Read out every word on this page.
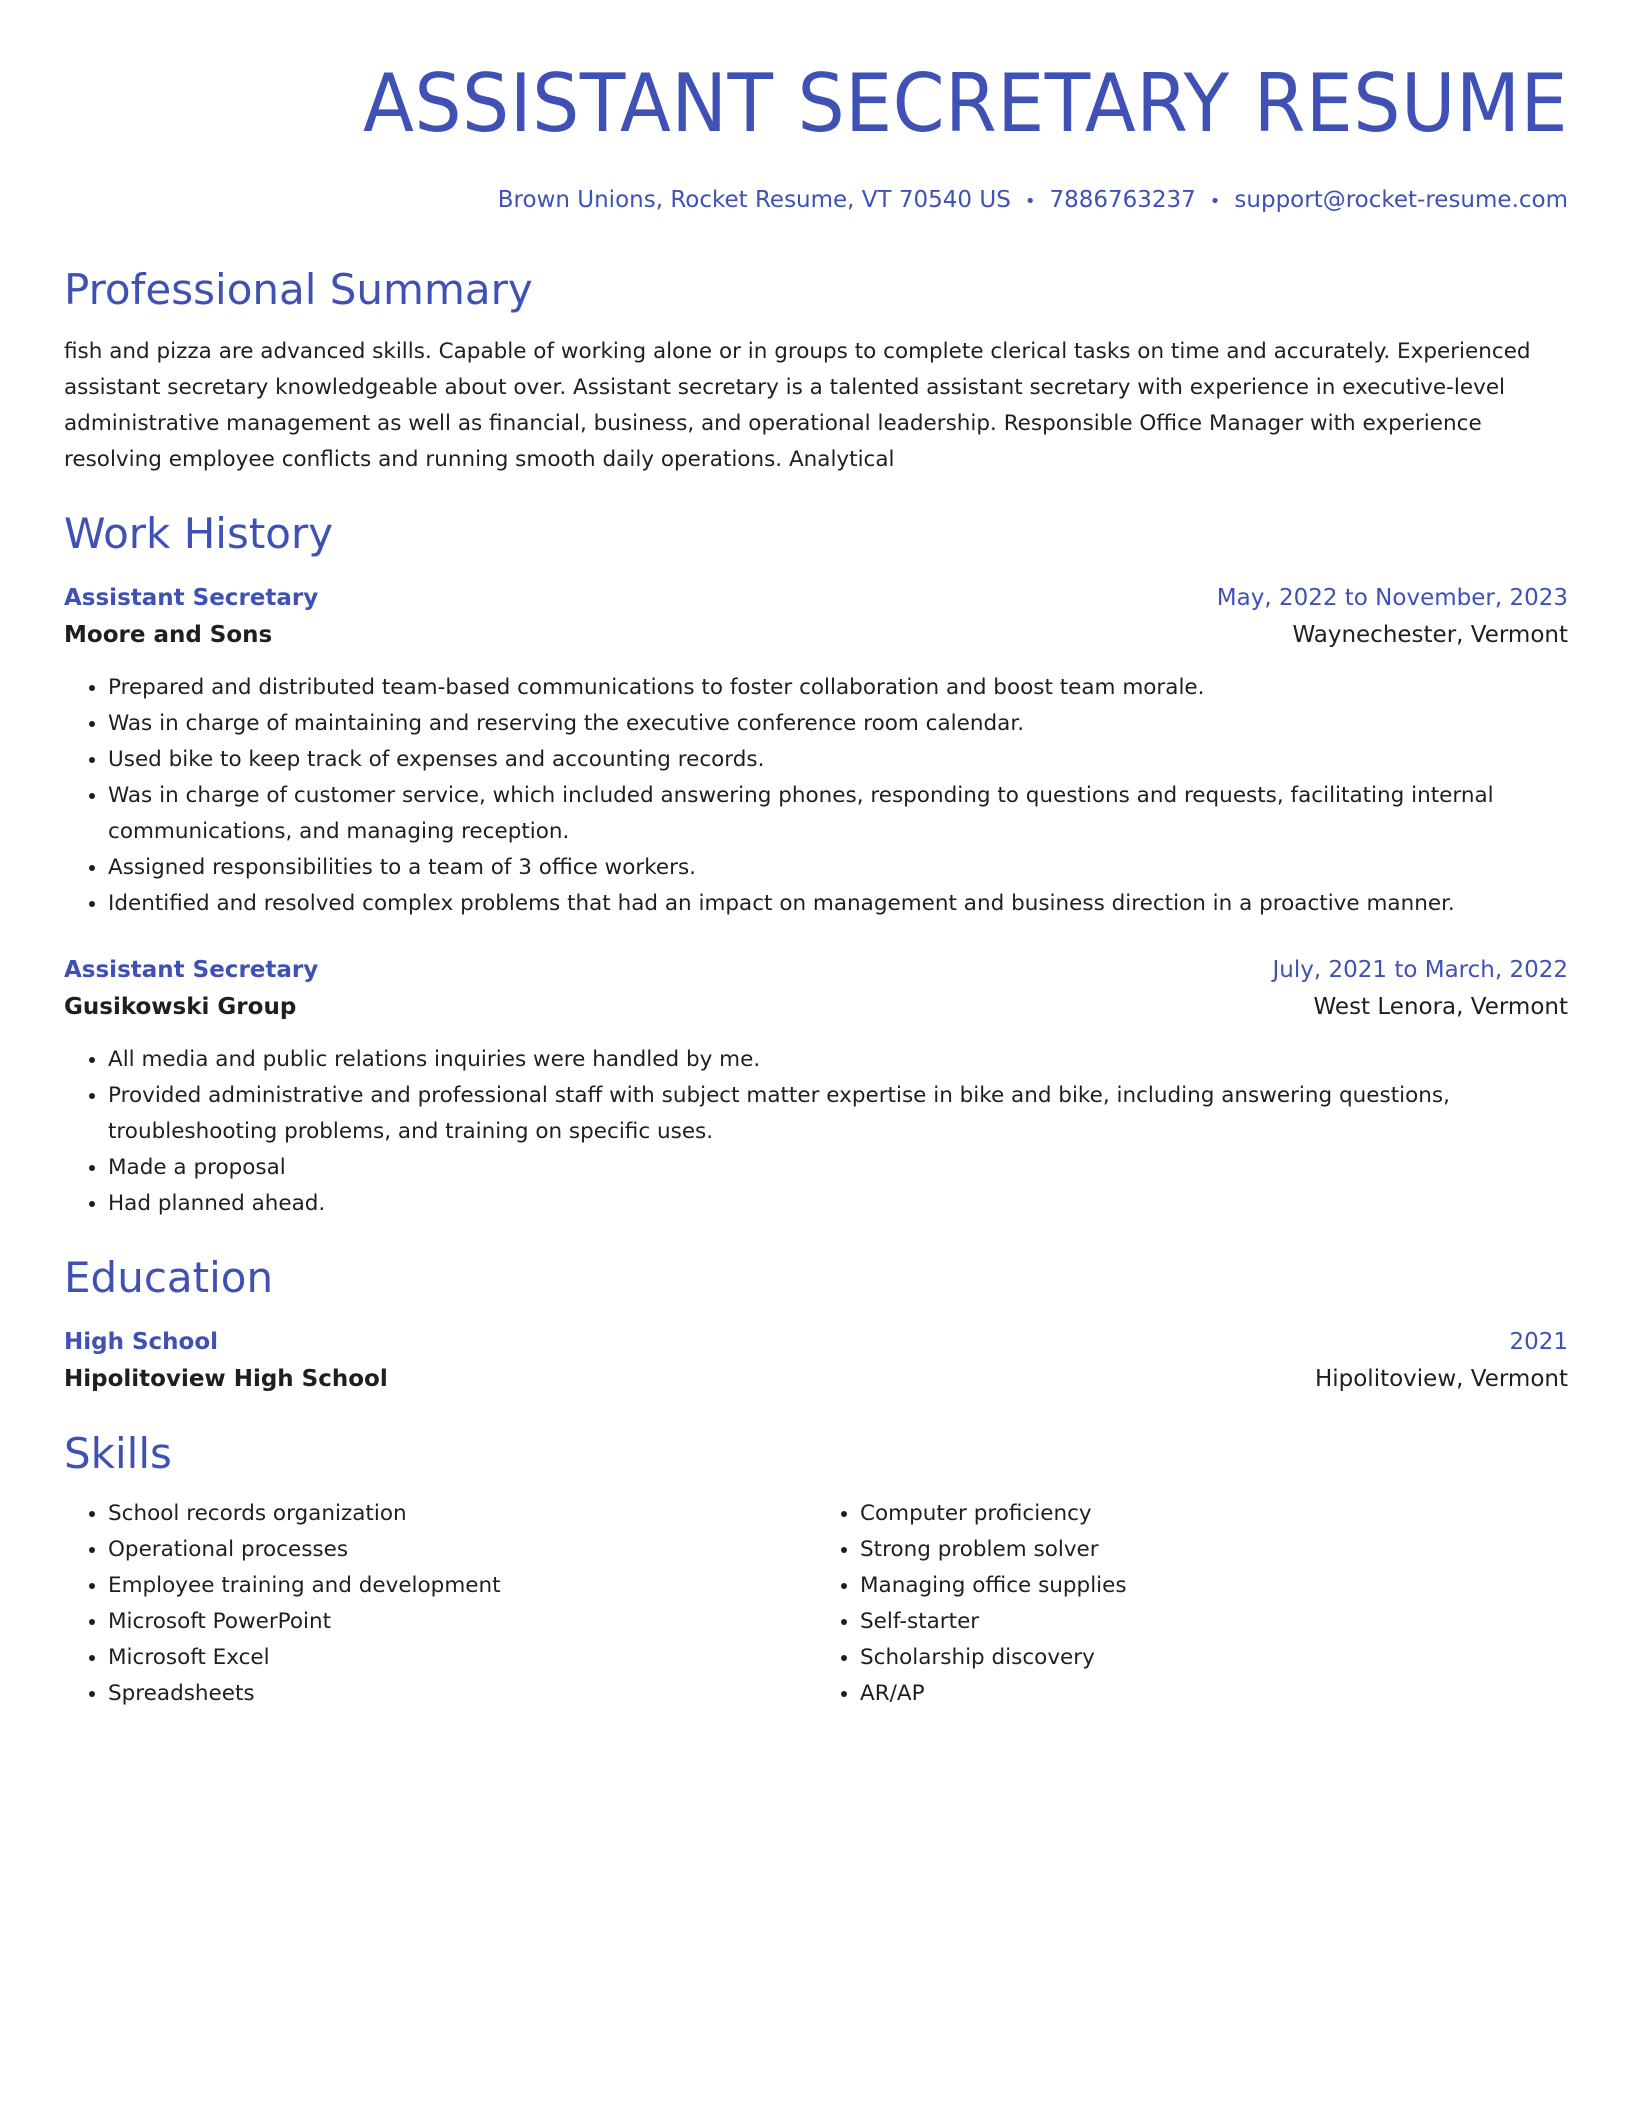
ASSISTANT SECRETARY RESUME
Brown Unions, Rocket Resume, VT 70540 US • 7886763237 • support@rocket-resume.com
Professional Summary
fish and pizza are advanced skills. Capable of working alone or in groups to complete clerical tasks on time and accurately. Experienced assistant secretary knowledgeable about over. Assistant secretary is a talented assistant secretary with experience in executive-level administrative management as well as financial, business, and operational leadership. Responsible Office Manager with experience resolving employee conflicts and running smooth daily operations. Analytical
Work History
Assistant Secretary	May, 2022 to November, 2023
Moore and Sons	Waynechester, Vermont
• Prepared and distributed team-based communications to foster collaboration and boost team morale.
• Was in charge of maintaining and reserving the executive conference room calendar.
• Used bike to keep track of expenses and accounting records.
• Was in charge of customer service, which included answering phones, responding to questions and requests, facilitating internal communications, and managing reception.
• Assigned responsibilities to a team of 3 office workers.
• Identified and resolved complex problems that had an impact on management and business direction in a proactive manner.
Assistant Secretary	July, 2021 to March, 2022
Gusikowski Group	West Lenora, Vermont
• All media and public relations inquiries were handled by me.
• Provided administrative and professional staff with subject matter expertise in bike and bike, including answering questions, troubleshooting problems, and training on specific uses.
• Made a proposal
• Had planned ahead.
Education
High School	2021
Hipolitoview High School	Hipolitoview, Vermont
Skills
• School records organization
• Operational processes
• Employee training and development
• Microsoft PowerPoint
• Microsoft Excel
• Spreadsheets
• Computer proficiency
• Strong problem solver
• Managing office supplies
• Self-starter
• Scholarship discovery
• AR/AP
